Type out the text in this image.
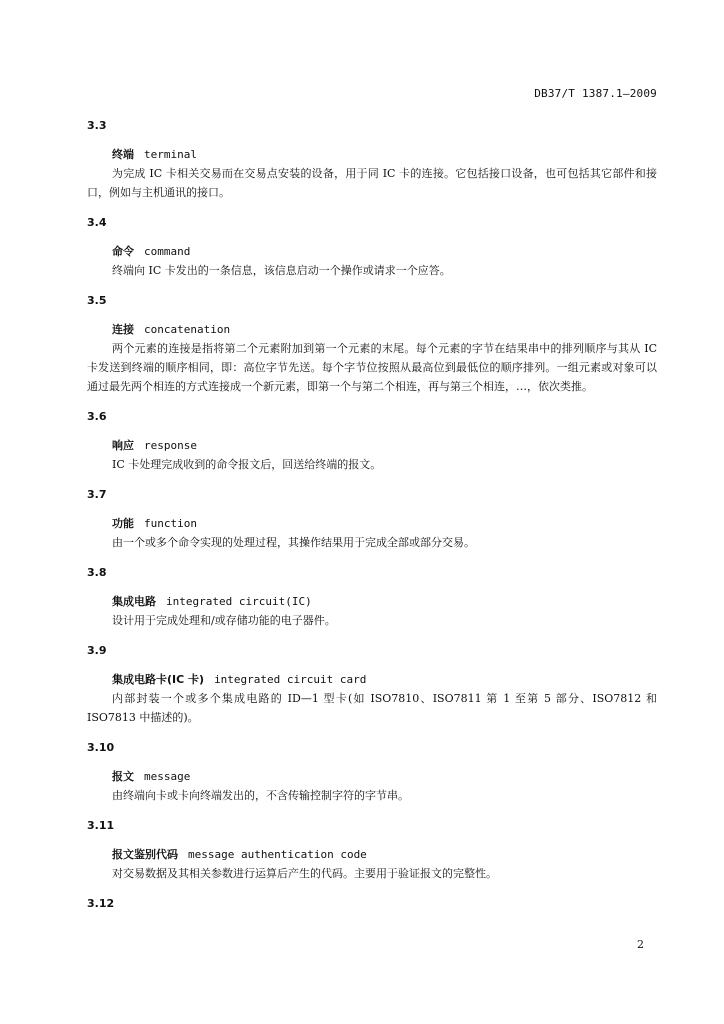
DB37/T 1387.1—2009
3.3
终端 terminal

为完成 IC 卡相关交易而在交易点安装的设备，用于同 IC 卡的连接。它包括接口设备，也可包括其它部件和接口，例如与主机通讯的接口。

3.4
命令 command

终端向 IC 卡发出的一条信息，该信息启动一个操作或请求一个应答。

3.5
连接 concatenation

两个元素的连接是指将第二个元素附加到第一个元素的末尾。每个元素的字节在结果串中的排列顺序与其从 IC 卡发送到终端的顺序相同，即：高位字节先送。每个字节位按照从最高位到最低位的顺序排列。一组元素或对象可以通过最先两个相连的方式连接成一个新元素，即第一个与第二个相连，再与第三个相连，…，依次类推。

3.6
响应 response

IC 卡处理完成收到的命令报文后，回送给终端的报文。

3.7
功能 function

由一个或多个命令实现的处理过程，其操作结果用于完成全部或部分交易。

3.8
集成电路 integrated circuit(IC)

设计用于完成处理和/或存储功能的电子器件。

3.9
集成电路卡(IC 卡) integrated circuit card

内部封装一个或多个集成电路的 ID—1 型卡(如 ISO7810、ISO7811 第 1 至第 5 部分、ISO7812 和 ISO7813 中描述的)。

3.10
报文 message

由终端向卡或卡向终端发出的，不含传输控制字符的字节串。

3.11
报文鉴别代码 message authentication code

对交易数据及其相关参数进行运算后产生的代码。主要用于验证报文的完整性。

3.12
2
